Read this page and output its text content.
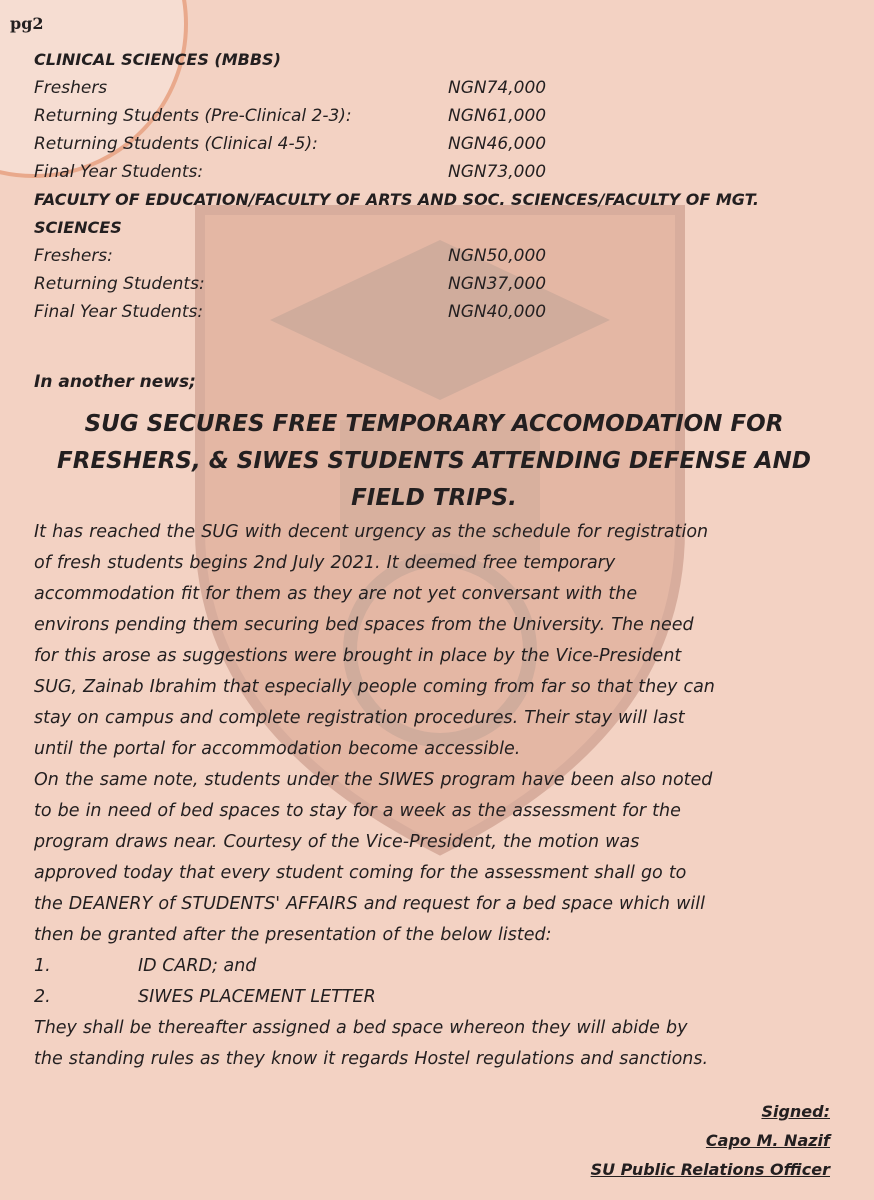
pg2

CLINICAL SCIENCES (MBBS)

Freshers	NGN74,000
Returning Students (Pre-Clinical 2-3):	NGN61,000
Returning Students (Clinical 4-5):	NGN46,000
Final Year Students:	NGN73,000

FACULTY OF EDUCATION/FACULTY OF ARTS AND SOC. SCIENCES/FACULTY OF MGT.

SCIENCES

Freshers:	NGN50,000
Returning Students:	NGN37,000
Final Year Students:	NGN40,000
In another news;
SUG SECURES FREE TEMPORARY ACCOMODATION FOR
FRESHERS, & SIWES STUDENTS ATTENDING DEFENSE AND
FIELD TRIPS.

It has reached the SUG with decent urgency as the schedule for registration

of fresh students begins 2nd July 2021. It deemed free temporary

accommodation fit for them as they are not yet conversant with the

environs pending them securing bed spaces from the University. The need

for this arose as suggestions were brought in place by the Vice-President

SUG, Zainab Ibrahim that especially people coming from far so that they can

stay on campus and complete registration procedures. Their stay will last

until the portal for accommodation become accessible.

On the same note, students under the SIWES program have been also noted

to be in need of bed spaces to stay for a week as the assessment for the

program draws near. Courtesy of the Vice-President, the motion was

approved today that every student coming for the assessment shall go to

the DEANERY of STUDENTS' AFFAIRS and request for a bed space which will

then be granted after the presentation of the below listed:

1.	ID CARD; and
2.	SIWES PLACEMENT LETTER

They shall be thereafter assigned a bed space whereon they will abide by

the standing rules as they know it regards Hostel regulations and sanctions.

Signed:
Capo M. Nazif
SU Public Relations Officer
